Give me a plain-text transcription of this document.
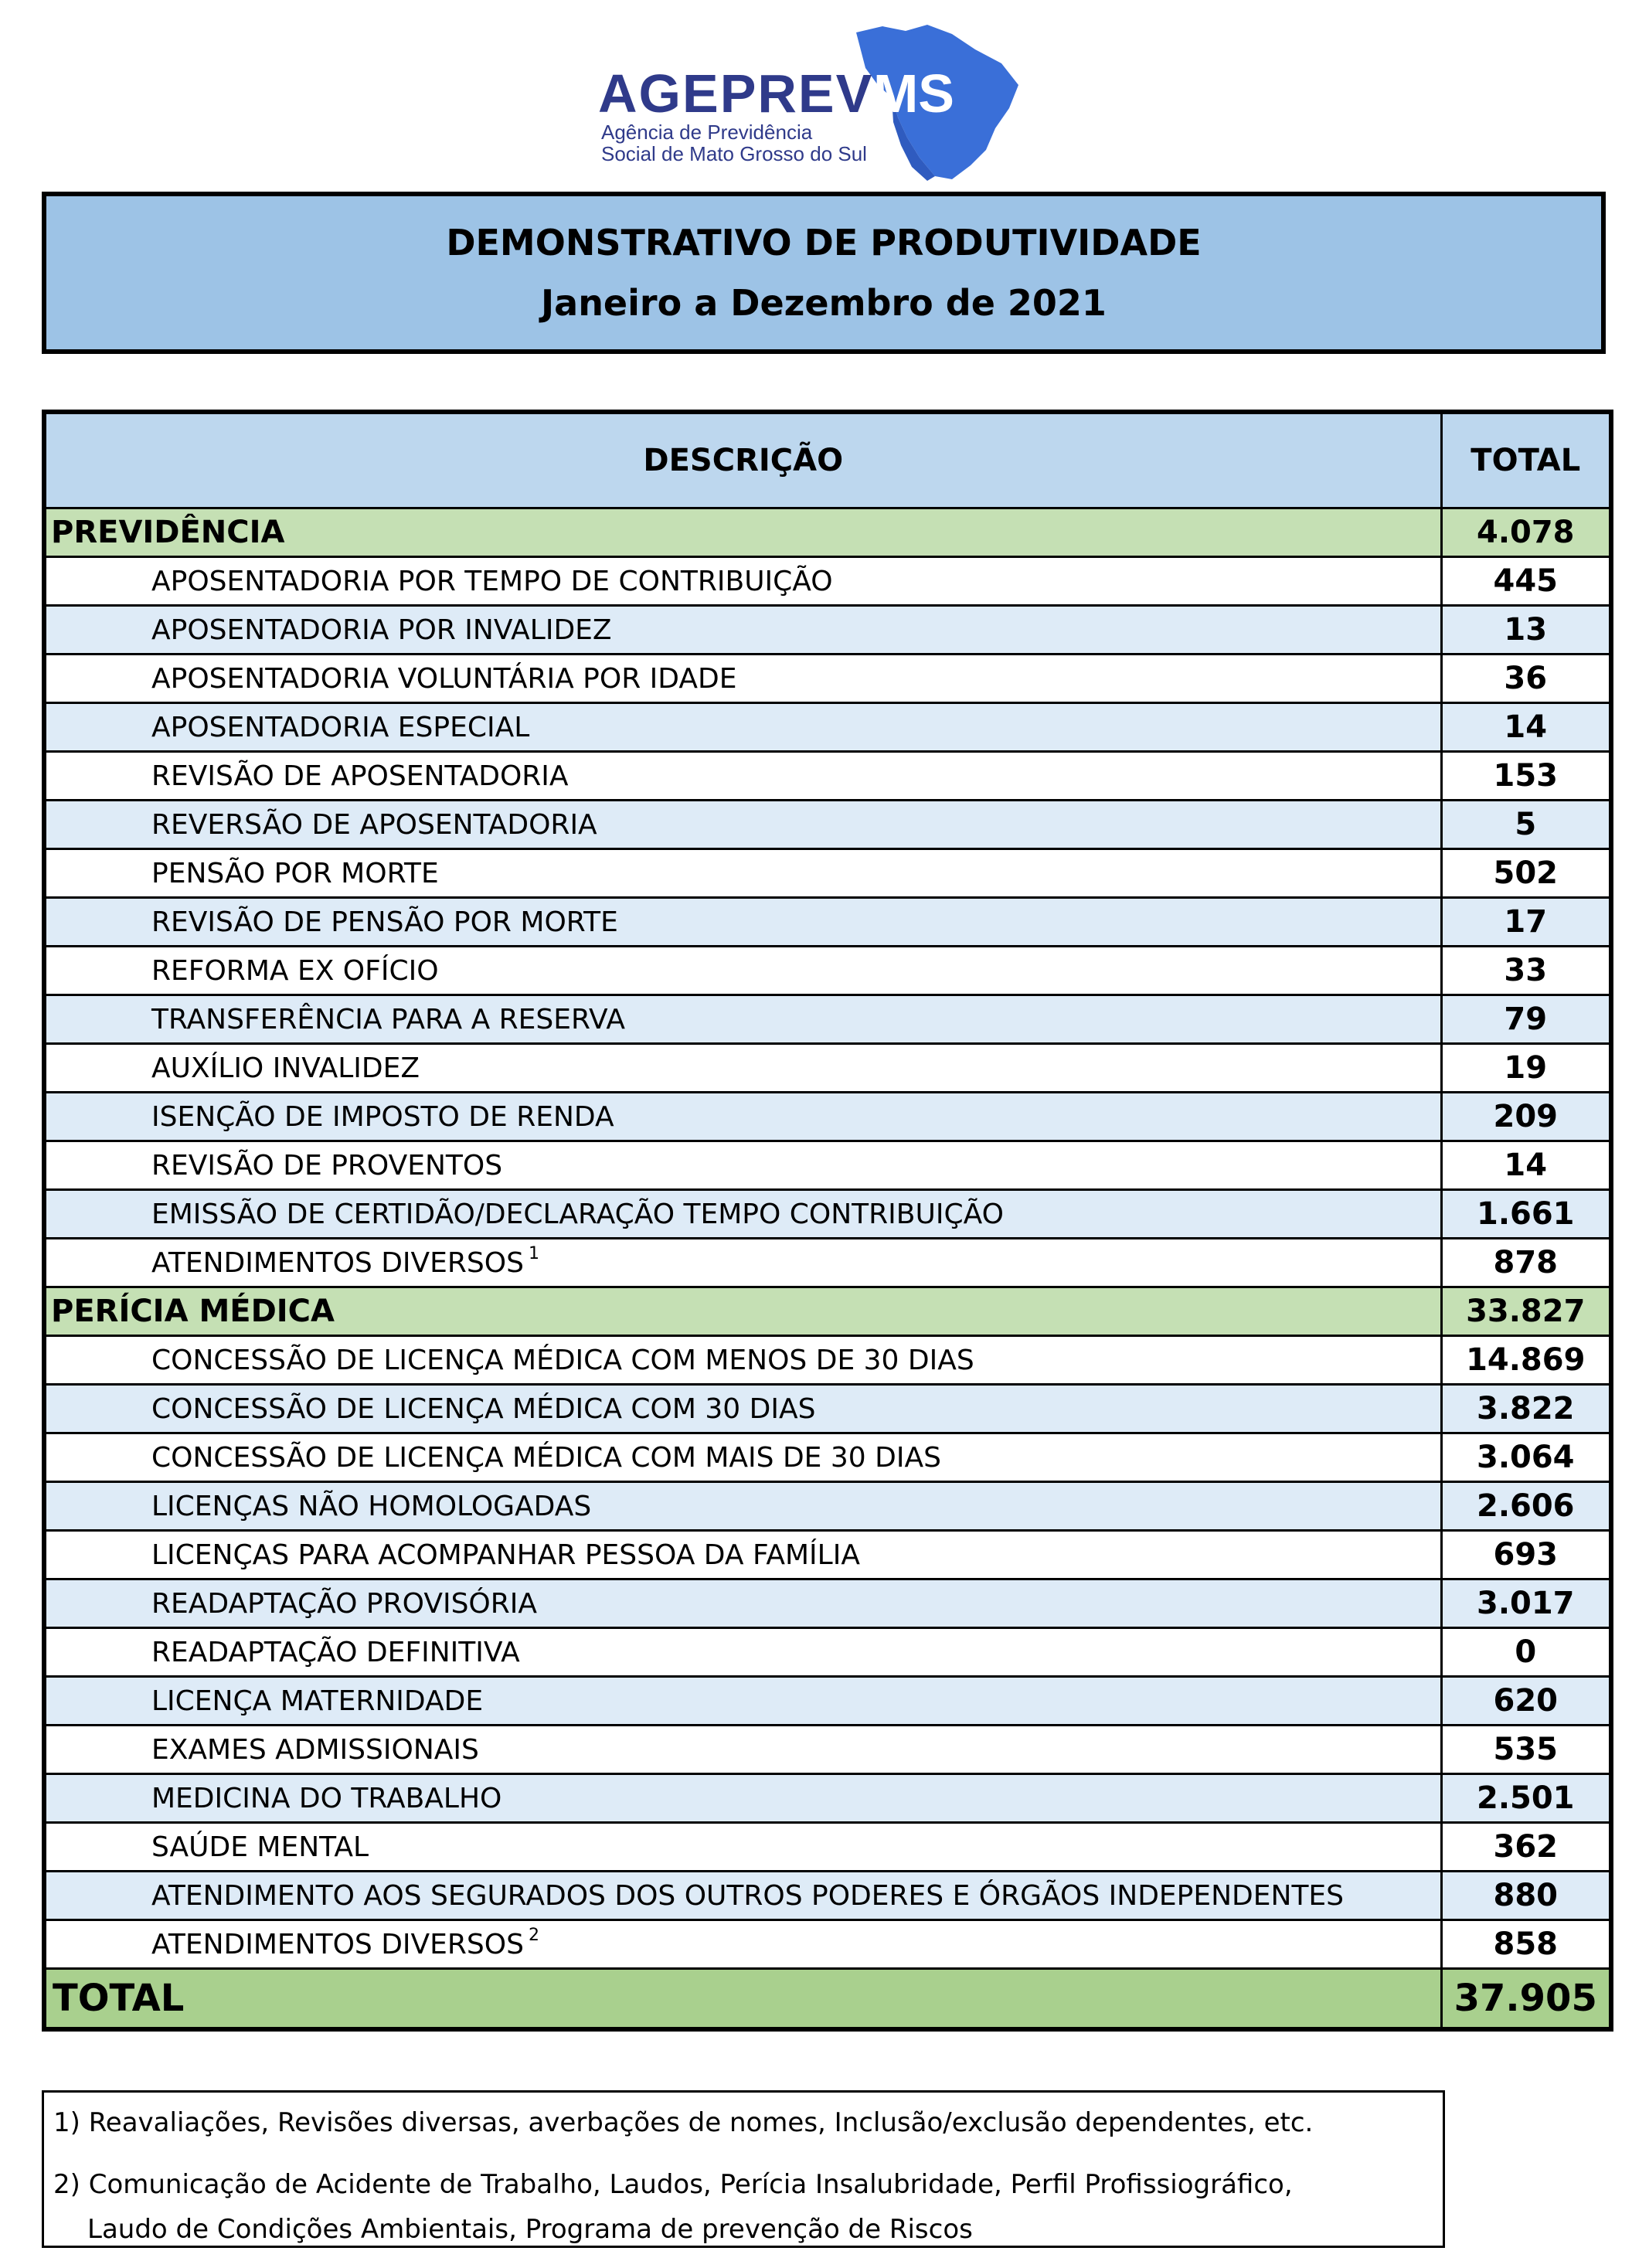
AGEPREV MS
Agência de Previdência
Social de Mato Grosso do Sul
DEMONSTRATIVO DE PRODUTIVIDADE
Janeiro a Dezembro de 2021
DESCRIÇÃO	TOTAL
PREVIDÊNCIA	4.078
APOSENTADORIA POR TEMPO DE CONTRIBUIÇÃO	445
APOSENTADORIA POR INVALIDEZ	13
APOSENTADORIA VOLUNTÁRIA POR IDADE	36
APOSENTADORIA ESPECIAL	14
REVISÃO DE APOSENTADORIA	153
REVERSÃO DE APOSENTADORIA	5
PENSÃO POR MORTE	502
REVISÃO DE PENSÃO POR MORTE	17
REFORMA EX OFÍCIO	33
TRANSFERÊNCIA PARA A RESERVA	79
AUXÍLIO INVALIDEZ	19
ISENÇÃO DE IMPOSTO DE RENDA	209
REVISÃO DE PROVENTOS	14
EMISSÃO DE CERTIDÃO/DECLARAÇÃO TEMPO CONTRIBUIÇÃO	1.661
ATENDIMENTOS DIVERSOS $^1$	878
PERÍCIA MÉDICA	33.827
CONCESSÃO DE LICENÇA MÉDICA COM MENOS DE 30 DIAS	14.869
CONCESSÃO DE LICENÇA MÉDICA COM 30 DIAS	3.822
CONCESSÃO DE LICENÇA MÉDICA COM MAIS DE 30 DIAS	3.064
LICENÇAS NÃO HOMOLOGADAS	2.606
LICENÇAS PARA ACOMPANHAR PESSOA DA FAMÍLIA	693
READAPTAÇÃO PROVISÓRIA	3.017
READAPTAÇÃO DEFINITIVA	0
LICENÇA MATERNIDADE	620
EXAMES ADMISSIONAIS	535
MEDICINA DO TRABALHO	2.501
SAÚDE MENTAL	362
ATENDIMENTO AOS SEGURADOS DOS OUTROS PODERES E ÓRGÃOS INDEPENDENTES	880
ATENDIMENTOS DIVERSOS $^2$	858
TOTAL	37.905
1) Reavaliações, Revisões diversas, averbações de nomes, Inclusão/exclusão dependentes, etc.
2) Comunicação de Acidente de Trabalho, Laudos, Perícia Insalubridade, Perfil Profissiográfico,
Laudo de Condições Ambientais, Programa de prevenção de Riscos
